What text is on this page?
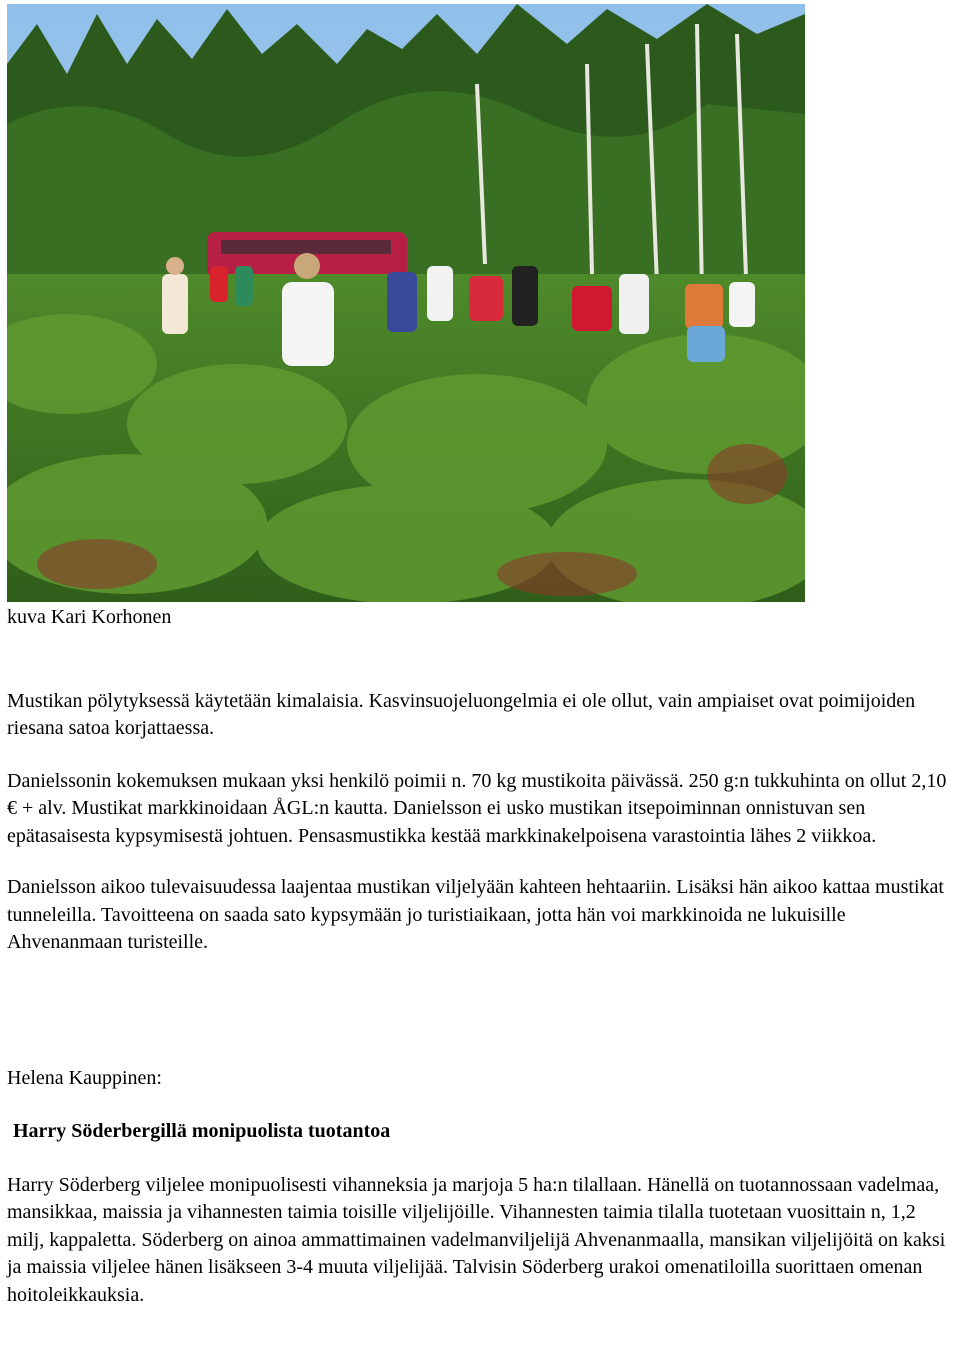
kuva Kari Korhonen

Mustikan pölytyksessä käytetään kimalaisia. Kasvinsuojeluongelmia ei ole ollut, vain ampiaiset ovat poimijoiden riesana satoa korjattaessa.

Danielssonin kokemuksen mukaan yksi henkilö poimii n. 70 kg mustikoita päivässä. 250 g:n tukkuhinta on ollut 2,10 € + alv. Mustikat markkinoidaan ÅGL:n kautta. Danielsson ei usko mustikan itsepoiminnan onnistuvan sen epätasaisesta kypsymisestä johtuen. Pensasmustikka kestää markkinakelpoisena varastointia lähes 2 viikkoa.

Danielsson aikoo tulevaisuudessa laajentaa mustikan viljelyään kahteen hehtaariin. Lisäksi hän aikoo kattaa mustikat tunneleilla. Tavoitteena on saada sato kypsymään jo turistiaikaan, jotta hän voi markkinoida ne lukuisille Ahvenanmaan turisteille.

Helena Kauppinen:

Harry Söderbergillä monipuolista tuotantoa

Harry Söderberg viljelee monipuolisesti vihanneksia ja marjoja 5 ha:n tilallaan. Hänellä on tuotannossaan vadelmaa, mansikkaa, maissia ja vihannesten taimia toisille viljelijöille. Vihannesten taimia tilalla tuotetaan vuosittain n, 1,2 milj, kappaletta. Söderberg on ainoa ammattimainen vadelmanviljelijä Ahvenanmaalla, mansikan viljelijöitä on kaksi ja maissia viljelee hänen lisäkseen 3-4 muuta viljelijää. Talvisin Söderberg urakoi omenatiloilla suorittaen omenan hoitoleikkauksia.
